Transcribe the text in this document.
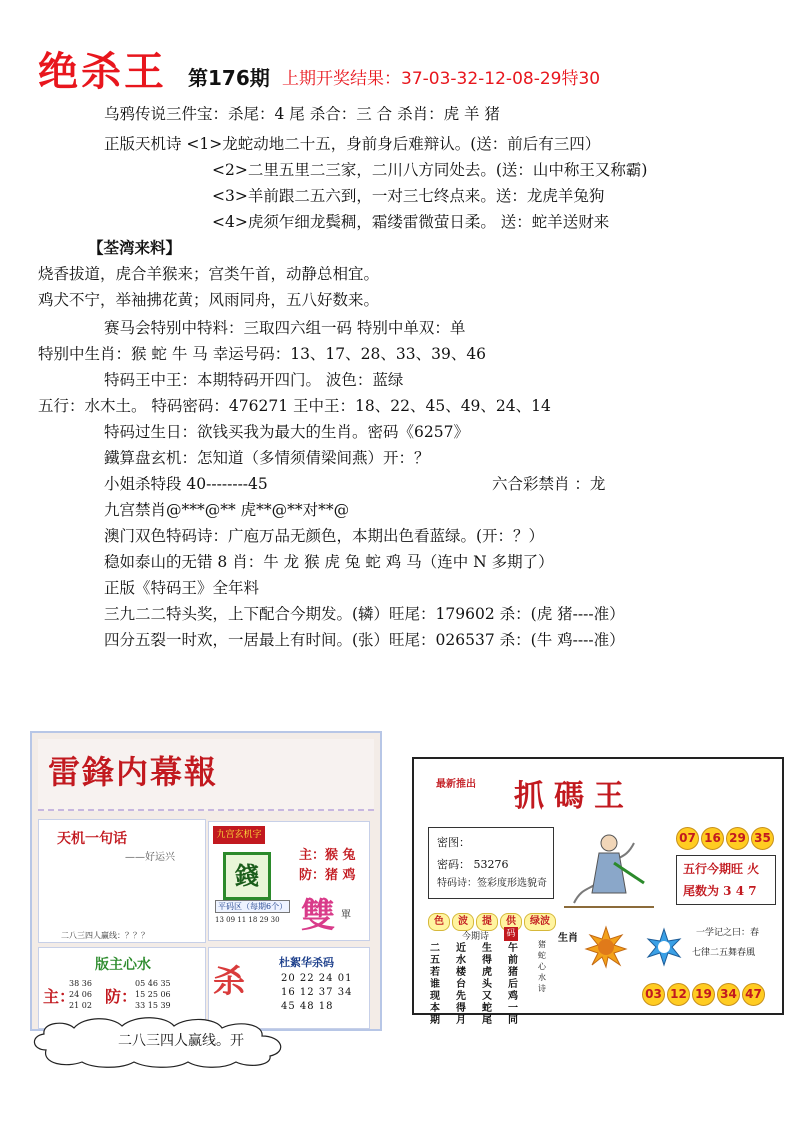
绝杀王 第176期 上期开奖结果：37-03-32-12-08-29特30
乌鸦传说三件宝：杀尾：4 尾 杀合：三 合 杀肖：虎 羊 猪
正版天机诗 <1>龙蛇动地二十五，身前身后难辩认。(送：前后有三四）
<2>二里五里二三家，二川八方同处去。(送：山中称王又称霸)
<3>羊前跟二五六到，一对三七终点来。送：龙虎羊兔狗
<4>虎须乍细龙鬓稠，霜缕雷微萤日柔。 送：蛇羊送财来
【荃湾来料】
烧香拔道，虎合羊猴来；宫类午首，动静总相宜。
鸡犬不宁，举袖拂花黄；风雨同舟，五八好数来。
赛马会特别中特料：三取四六组一码 特别中单双：单
特别中生肖：猴 蛇 牛 马 幸运号码：13、17、28、33、39、46
特码王中王：本期特码开四门。 波色：蓝绿
五行：水木土。 特码密码：476271 王中王：18、22、45、49、24、14
特码过生日：欲钱买我为最大的生肖。密码《6257》
鐵算盘玄机：怎知道（多情须倩梁间燕）开：？
小姐杀特段 40--------45	六合彩禁肖 ：龙
九宫禁肖@***@** 虎**@**对**@
澳门双色特码诗：广庖万品无颜色，本期出色看蓝绿。(开：？）
稳如泰山的无错 8 肖：牛 龙 猴 虎 兔 蛇 鸡 马（连中 N 多期了）
正版《特码王》全年料
三九二二特头奖，上下配合今期发。(辚）旺尾：179602 杀：(虎 猪----准）
四分五裂一时欢，一居最上有时间。(张）旺尾：026537 杀：(牛 鸡----准）
雷鋒内幕報
天机一句话
——好运兴
二八三四人赢线：？？？
九宫玄机字
錢
主：猴 兔
防：猪 鸡
雙 單
平码区（每期6个）
13 09 11 18 29 30
版主心水
主：
38 36
24 06
21 02 防：
05 46 35
15 25 06
33 15 39
杀	杜絮华杀码
20 22 24 01
16 12 37 34
45 48 18
二八三四人赢线。开
最新推出 抓碼王
密图：
密码： 53276
特码诗：签彩度形选貌奇
07 16 29 35
五行今期旺 火
尾数为 3 4 7
色 波 提 供 绿波
今期诗 码
二五若谁现本期
近水楼台先得月
生得虎头又蛇尾
午前猪后鸡一同
生肖
猪蛇心水诗
一学记之曰：春
七律二五舞春風
03 12 19 34 47
